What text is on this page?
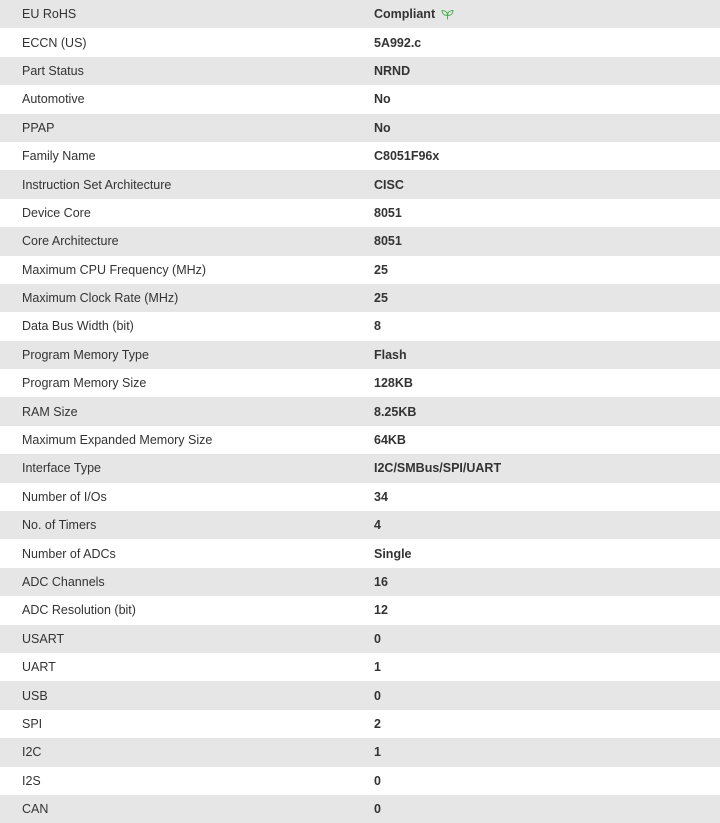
EU RoHS	Compliant
ECCN (US)	5A992.c
Part Status	NRND
Automotive	No
PPAP	No
Family Name	C8051F96x
Instruction Set Architecture	CISC
Device Core	8051
Core Architecture	8051
Maximum CPU Frequency (MHz)	25
Maximum Clock Rate (MHz)	25
Data Bus Width (bit)	8
Program Memory Type	Flash
Program Memory Size	128KB
RAM Size	8.25KB
Maximum Expanded Memory Size	64KB
Interface Type	I2C/SMBus/SPI/UART
Number of I/Os	34
No. of Timers	4
Number of ADCs	Single
ADC Channels	16
ADC Resolution (bit)	12
USART	0
UART	1
USB	0
SPI	2
I2C	1
I2S	0
CAN	0
